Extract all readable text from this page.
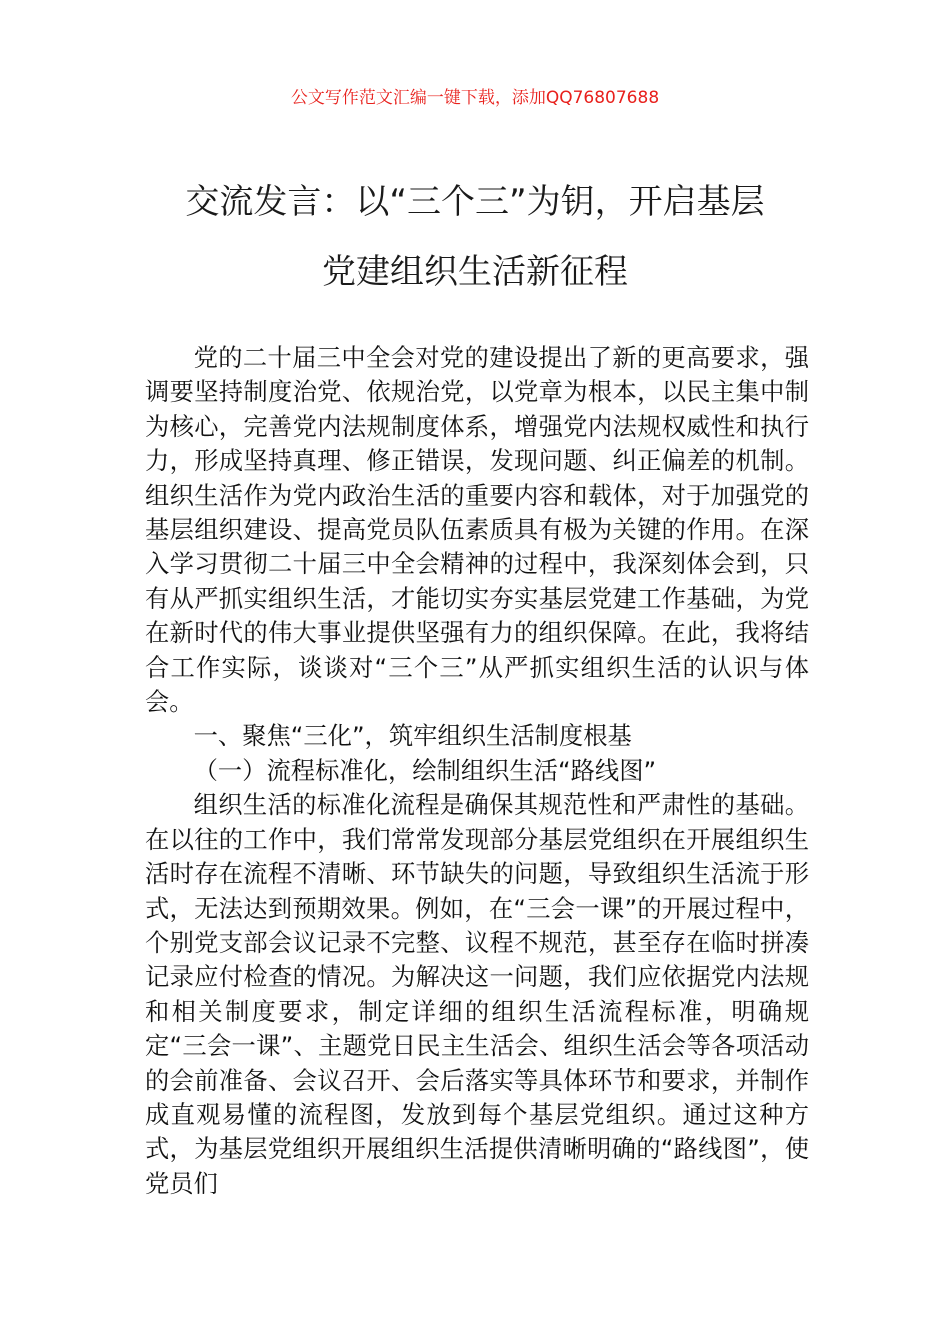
公文写作范文汇编一键下载，添加QQ76807688
交流发言：以“三个三”为钥，开启基层
党建组织生活新征程

党的二十届三中全会对党的建设提出了新的更高要求，强调要坚持制度治党、依规治党，以党章为根本，以民主集中制为核心，完善党内法规制度体系，增强党内法规权威性和执行力，形成坚持真理、修正错误，发现问题、纠正偏差的机制。组织生活作为党内政治生活的重要内容和载体，对于加强党的基层组织建设、提高党员队伍素质具有极为关键的作用。在深入学习贯彻二十届三中全会精神的过程中，我深刻体会到，只有从严抓实组织生活，才能切实夯实基层党建工作基础，为党在新时代的伟大事业提供坚强有力的组织保障。在此，我将结合工作实际，谈谈对“三个三”从严抓实组织生活的认识与体会。

一、聚焦“三化”，筑牢组织生活制度根基

（一）流程标准化，绘制组织生活“路线图”

组织生活的标准化流程是确保其规范性和严肃性的基础。在以往的工作中，我们常常发现部分基层党组织在开展组织生活时存在流程不清晰、环节缺失的问题，导致组织生活流于形式，无法达到预期效果。例如，在“三会一课”的开展过程中，个别党支部会议记录不完整、议程不规范，甚至存在临时拼凑记录应付检查的情况。为解决这一问题，我们应依据党内法规和相关制度要求，制定详细的组织生活流程标准，明确规定“三会一课”、主题党日民主生活会、组织生活会等各项活动的会前准备、会议召开、会后落实等具体环节和要求，并制作成直观易懂的流程图，发放到每个基层党组织。通过这种方式，为基层党组织开展组织生活提供清晰明确的“路线图”，使党员们
